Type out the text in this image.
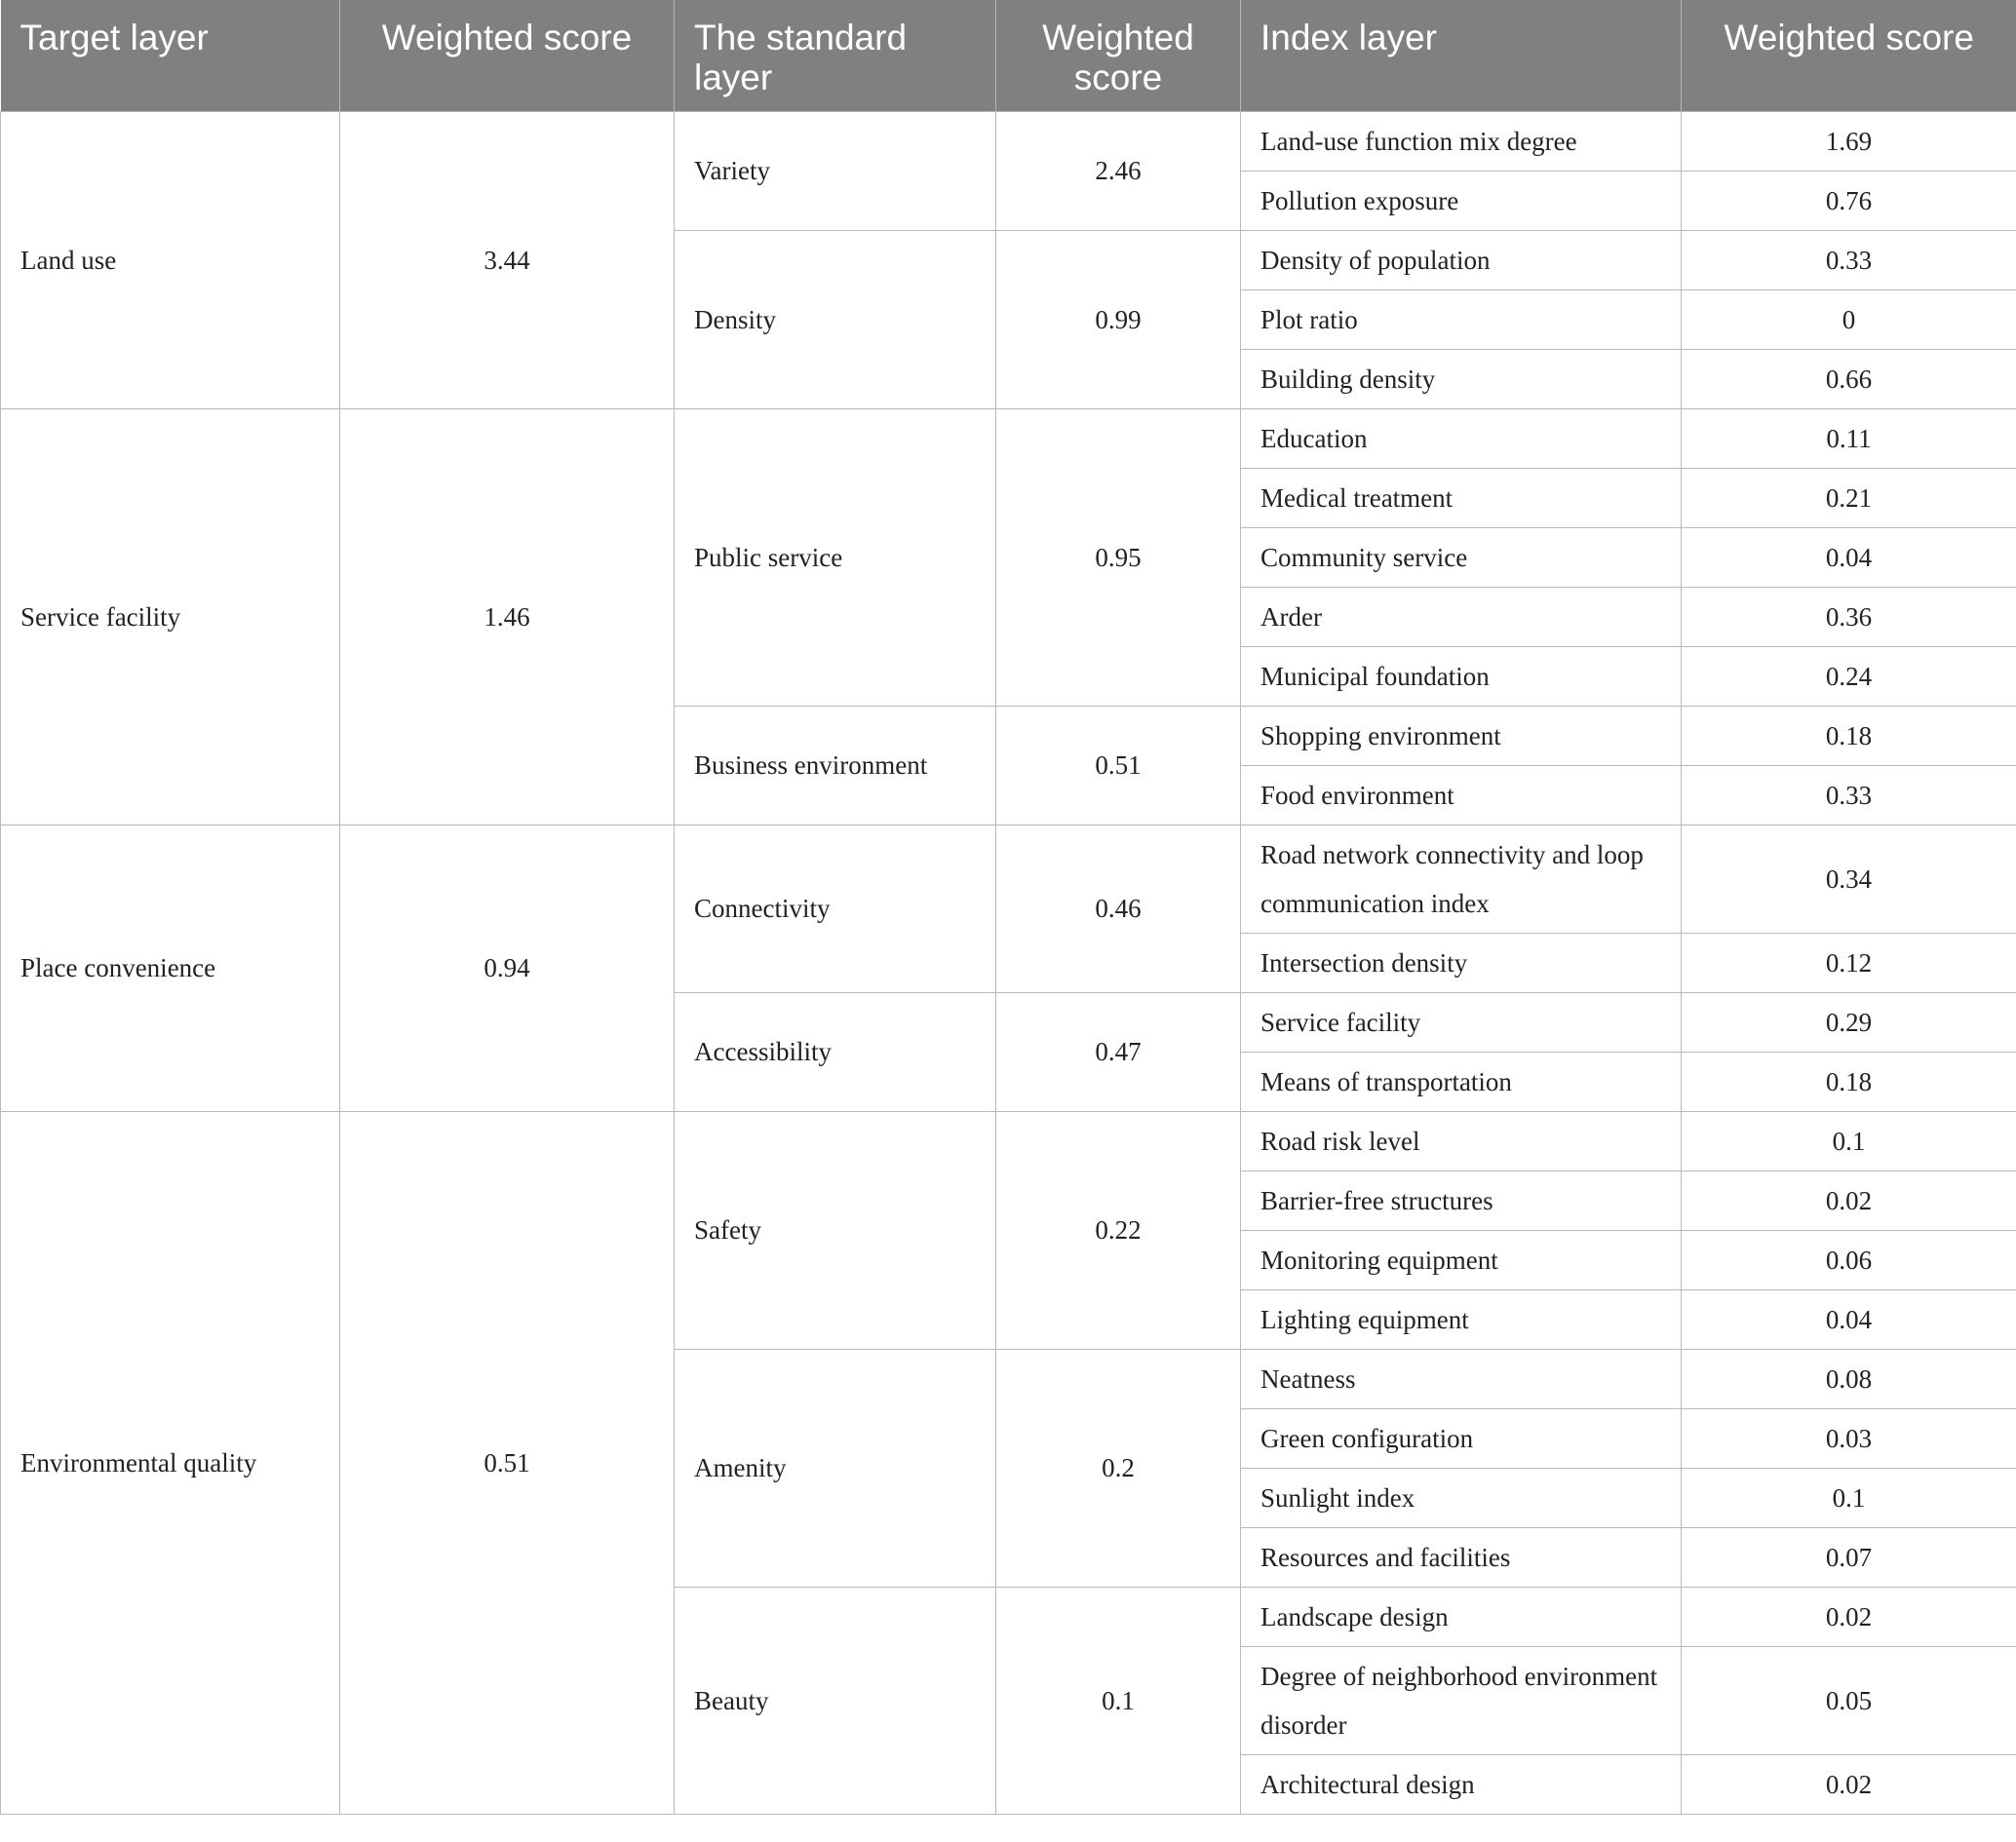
Target layer	Weighted score	The standard layer	Weighted score	Index layer	Weighted score
Land use	3.44	Variety	2.46	Land-use function mix degree	1.69
				Pollution exposure	0.76
		Density	0.99	Density of population	0.33
				Plot ratio	0
				Building density	0.66
Service facility	1.46	Public service	0.95	Education	0.11
				Medical treatment	0.21
				Community service	0.04
				Arder	0.36
				Municipal foundation	0.24
		Business environment	0.51	Shopping environment	0.18
				Food environment	0.33
Place convenience	0.94	Connectivity	0.46	Road network connectivity and loop communication index	0.34
				Intersection density	0.12
		Accessibility	0.47	Service facility	0.29
				Means of transportation	0.18
Environmental quality	0.51	Safety	0.22	Road risk level	0.1
				Barrier-free structures	0.02
				Monitoring equipment	0.06
				Lighting equipment	0.04
		Amenity	0.2	Neatness	0.08
				Green configuration	0.03
				Sunlight index	0.1
				Resources and facilities	0.07
		Beauty	0.1	Landscape design	0.02
				Degree of neighborhood environment disorder	0.05
				Architectural design	0.02
